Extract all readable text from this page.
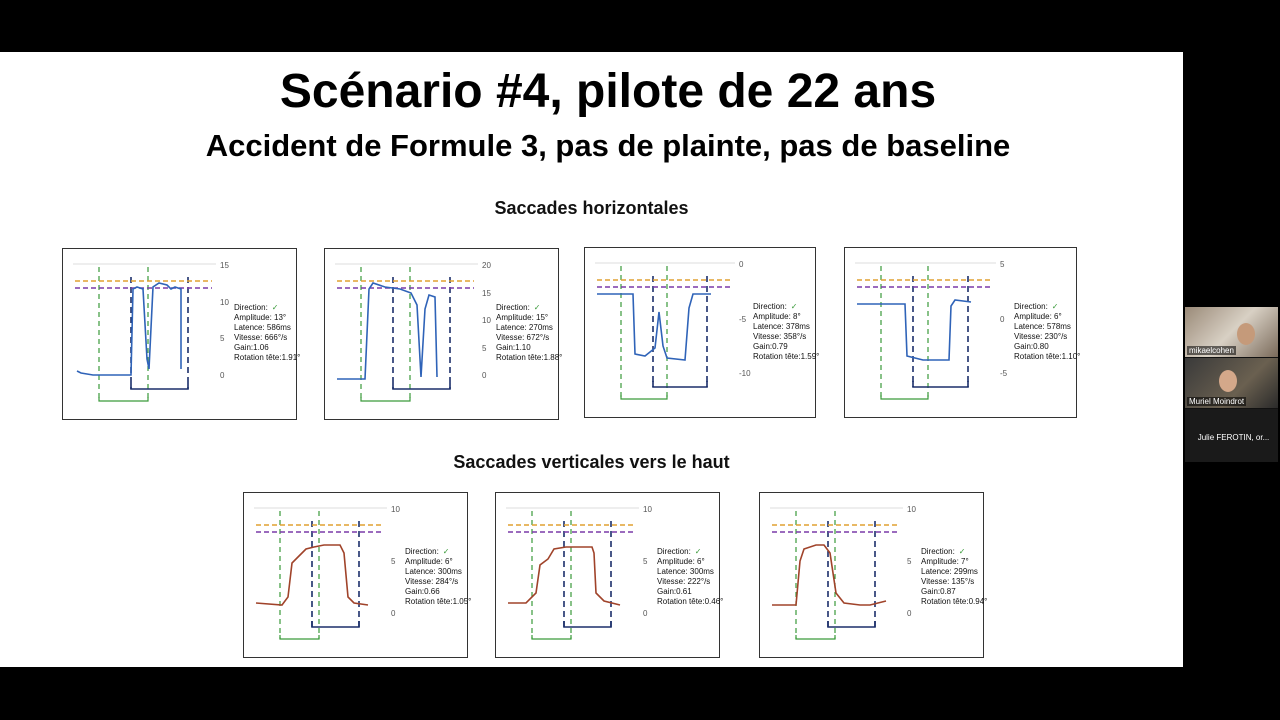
Scénario #4, pilote de 22 ans
Accident de Formule 3, pas de plainte, pas de baseline
Saccades horizontales
Saccades verticales vers le haut
15
10
5
0
Direction: ✓
Amplitude: 13°
Latence: 586ms
Vitesse: 666°/s
Gain:1.06
Rotation tête:1.91°
20
15
10
5
0
Direction: ✓
Amplitude: 15°
Latence: 270ms
Vitesse: 672°/s
Gain:1.10
Rotation tête:1.88°
0
-5
-10
Direction: ✓
Amplitude: 8°
Latence: 378ms
Vitesse: 358°/s
Gain:0.79
Rotation tête:1.59°
5
0
-5
Direction: ✓
Amplitude: 6°
Latence: 578ms
Vitesse: 230°/s
Gain:0.80
Rotation tête:1.10°
10
5
0
Direction: ✓
Amplitude: 6°
Latence: 300ms
Vitesse: 284°/s
Gain:0.66
Rotation tête:1.05°
10
5
0
Direction: ✓
Amplitude: 6°
Latence: 300ms
Vitesse: 222°/s
Gain:0.61
Rotation tête:0.46°
10
5
0
Direction: ✓
Amplitude: 7°
Latence: 299ms
Vitesse: 135°/s
Gain:0.87
Rotation tête:0.94°
mikaelcohen
Muriel Moindrot
Julie FEROTIN, or...
